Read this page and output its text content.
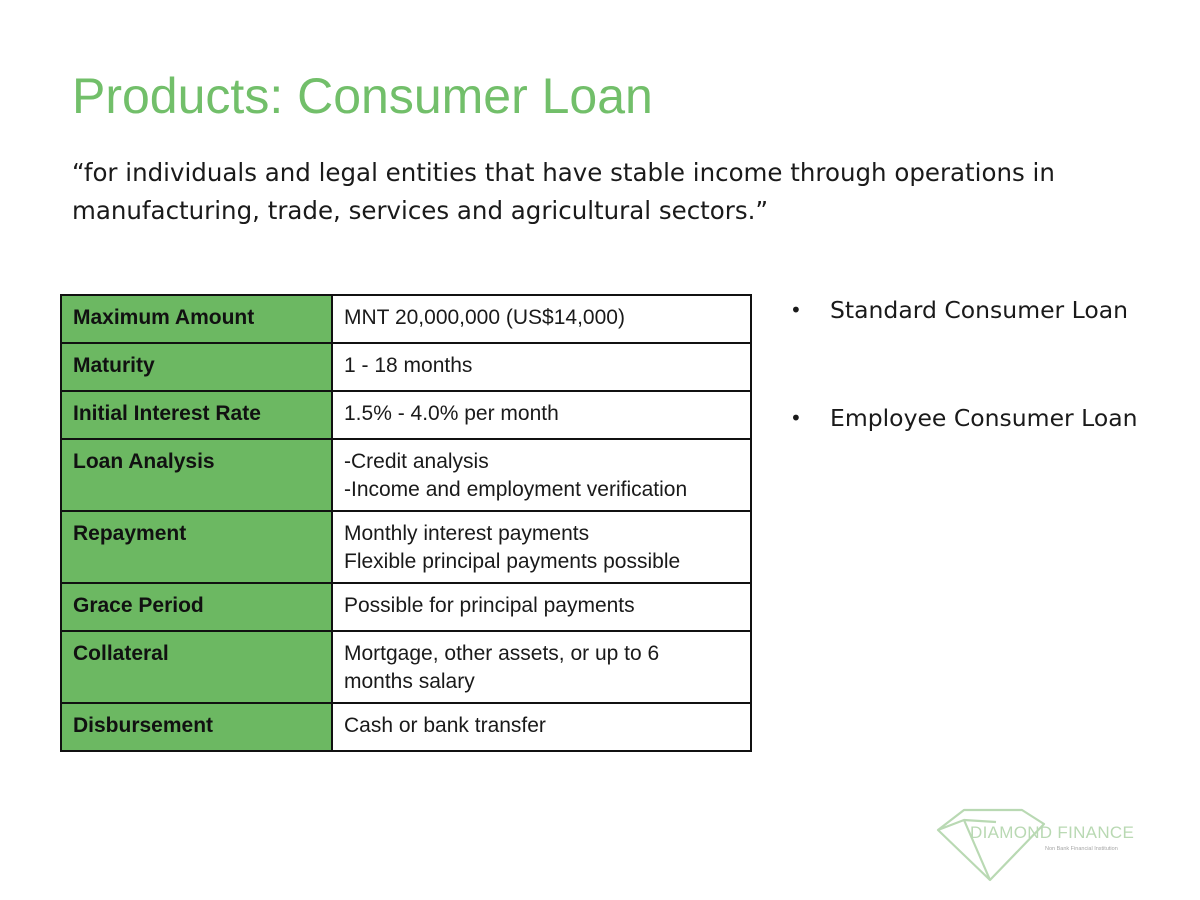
Products: Consumer Loan

“for individuals and legal entities that have stable income through operations in manufacturing, trade, services and agricultural sectors.”

Maximum Amount	MNT 20,000,000 (US$14,000)

Maturity	1 - 18 months

Initial Interest Rate	1.5% - 4.0% per month

Loan Analysis	-Credit analysis
-Income and employment verification

Repayment	Monthly interest payments
Flexible principal payments possible

Grace Period	Possible for principal payments

Collateral	Mortgage, other assets, or up to 6
months salary

Disbursement	Cash or bank transfer
• Standard Consumer Loan
• Employee Consumer Loan
DIAMOND FINANCE
Non Bank Financial Institution
